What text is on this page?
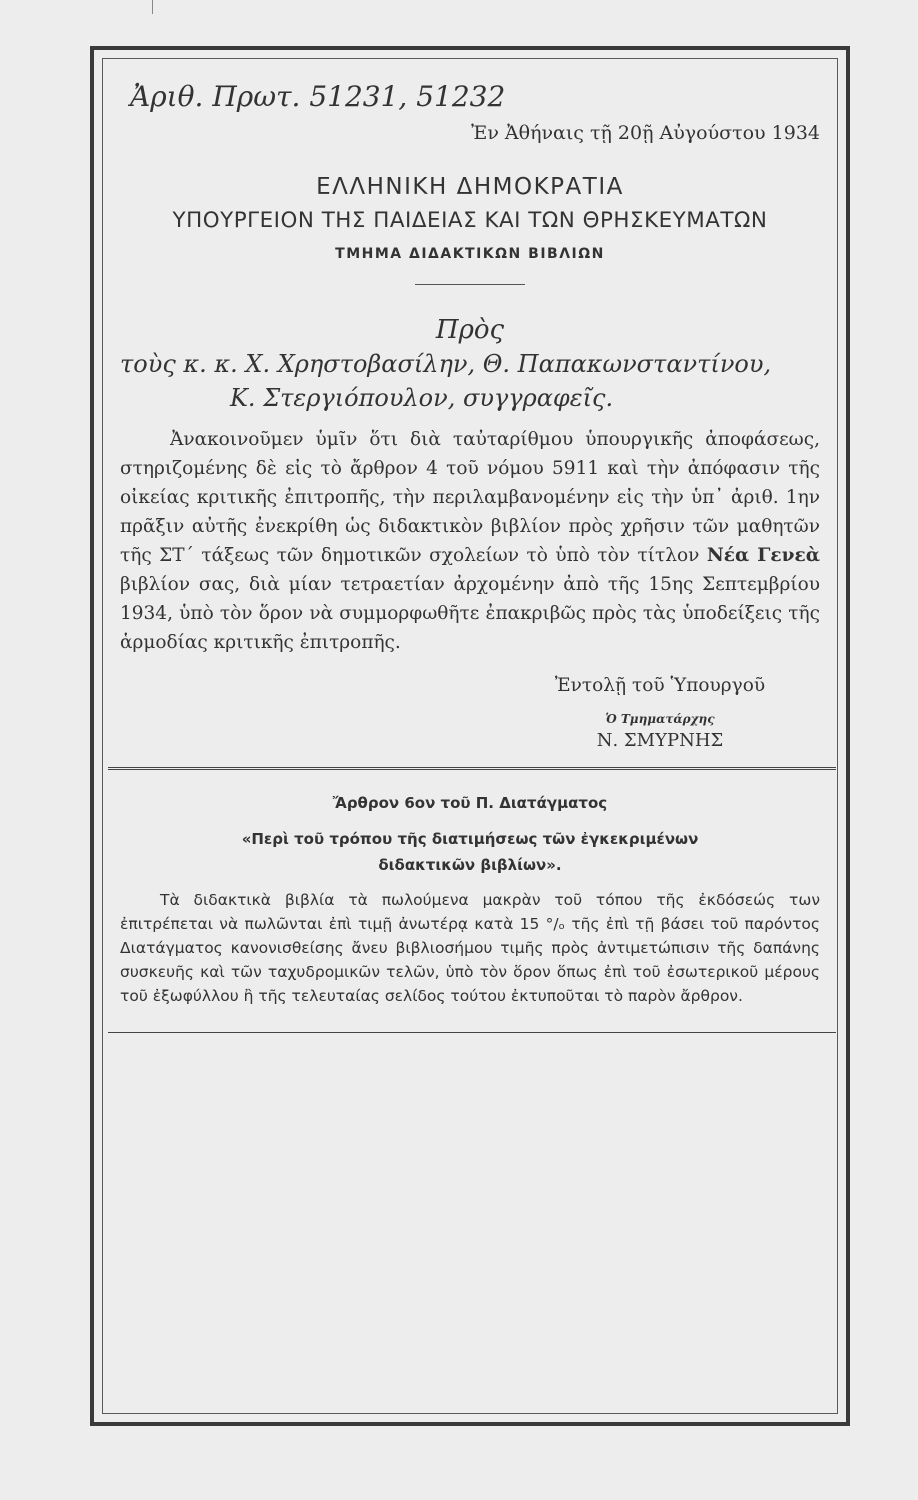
Ἀριθ. Πρωτ. 51231, 51232
Ἐν Ἀθήναις τῇ 20ῇ Αὐγούστου 1934
ΕΛΛΗΝΙΚΗ ΔΗΜΟΚΡΑΤΙΑ
ΥΠΟΥΡΓΕΙΟΝ ΤΗΣ ΠΑΙΔΕΙΑΣ ΚΑΙ ΤΩΝ ΘΡΗΣΚΕΥΜΑΤΩΝ
ΤΜΗΜΑ ΔΙΔΑΚΤΙΚΩΝ ΒΙΒΛΙΩΝ
Πρὸς
τοὺς κ. κ. Χ. Χρηστοβασίλην, Θ. Παπακωνσταντίνου,
Κ. Στεργιόπουλον, συγγραφεῖς.
Ἀνακοινοῦμεν ὑμῖν ὅτι διὰ ταὐταρίθμου ὑπουργικῆς ἀποφάσεως, στηριζομένης δὲ εἰς τὸ ἄρθρον 4 τοῦ νόμου 5911 καὶ τὴν ἀπόφασιν τῆς οἰκείας κριτικῆς ἐπιτροπῆς, τὴν περιλαμβανομένην εἰς τὴν ὑπ᾽ ἀριθ. 1ην πρᾶξιν αὐτῆς ἐνεκρίθη ὡς διδακτικὸν βιβλίον πρὸς χρῆσιν τῶν μαθητῶν τῆς ΣΤ´ τάξεως τῶν δημοτικῶν σχολείων τὸ ὑπὸ τὸν τίτλον Νέα Γενεὰ βιβλίον σας, διὰ μίαν τετραετίαν ἀρχομένην ἀπὸ τῆς 15ης Σεπτεμβρίου 1934, ὑπὸ τὸν ὅρον νὰ συμμορφωθῆτε ἐπακριβῶς πρὸς τὰς ὑποδείξεις τῆς ἁρμοδίας κριτικῆς ἐπιτροπῆς.
Ἐντολῇ τοῦ Ὑπουργοῦ
Ὁ Τμηματάρχης
Ν. ΣΜΥΡΝΗΣ
Ἄρθρον 6ον τοῦ Π. Διατάγματος
«Περὶ τοῦ τρόπου τῆς διατιμήσεως τῶν ἐγκεκριμένων
διδακτικῶν βιβλίων».
Τὰ διδακτικὰ βιβλία τὰ πωλούμενα μακρὰν τοῦ τόπου τῆς ἐκδόσεώς των ἐπιτρέπεται νὰ πωλῶνται ἐπὶ τιμῇ ἀνωτέρᾳ κατὰ 15 °/ₒ τῆς ἐπὶ τῇ βάσει τοῦ παρόντος Διατάγματος κανονισθείσης ἄνευ βιβλιοσήμου τιμῆς πρὸς ἀντιμετώπισιν τῆς δαπάνης συσκευῆς καὶ τῶν ταχυδρομικῶν τελῶν, ὑπὸ τὸν ὅρον ὅπως ἐπὶ τοῦ ἐσωτερικοῦ μέρους τοῦ ἐξωφύλλου ἢ τῆς τελευταίας σελίδος τούτου ἐκτυποῦται τὸ παρὸν ἄρθρον.
